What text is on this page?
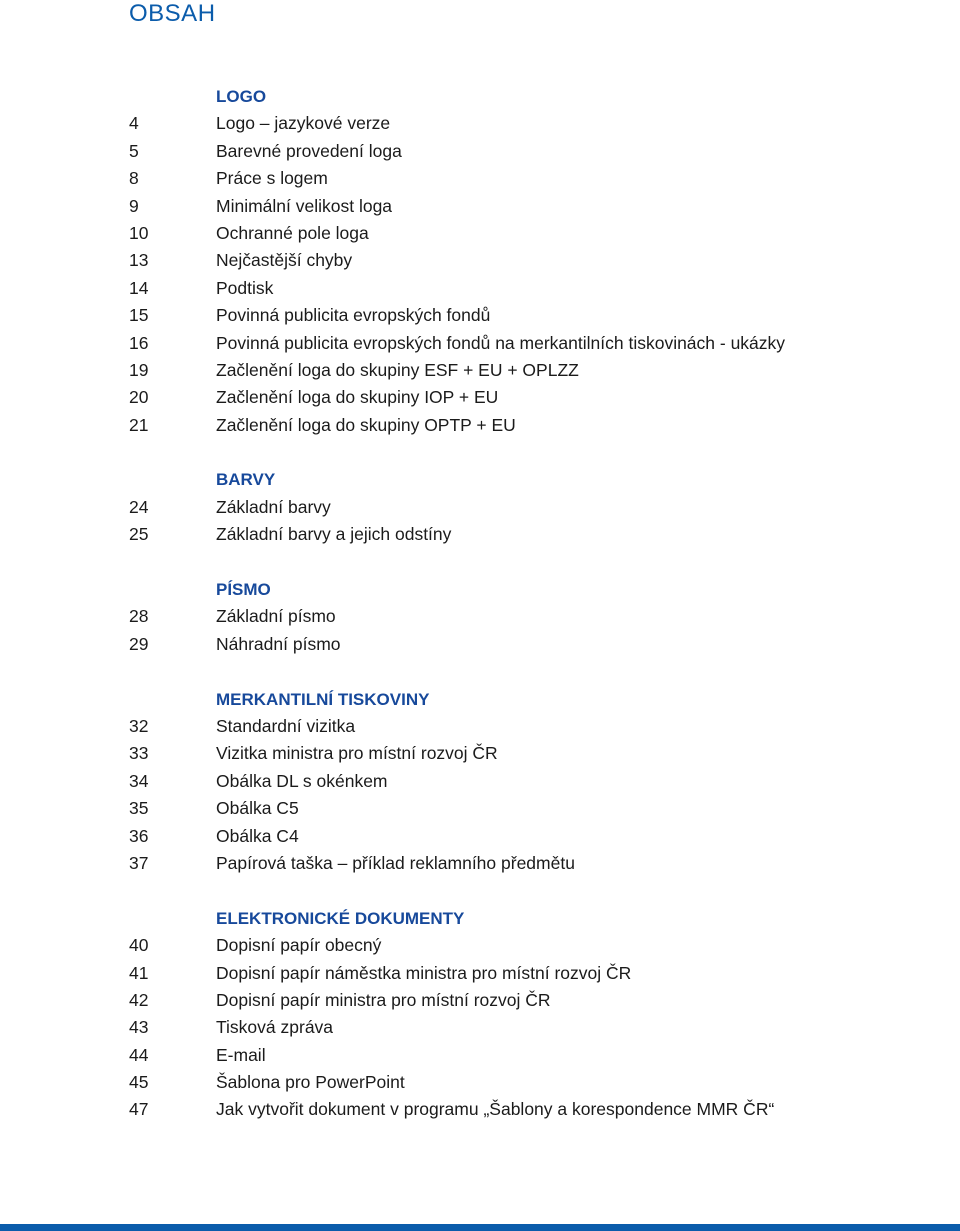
OBSAH
LOGO
4	Logo – jazykové verze
5	Barevné provedení loga
8	Práce s logem
9	Minimální velikost loga
10	Ochranné pole loga
13	Nejčastější chyby
14	Podtisk
15	Povinná publicita evropských fondů
16	Povinná publicita evropských fondů na merkantilních tiskovinách - ukázky
19	Začlenění loga do skupiny ESF + EU + OPLZZ
20	Začlenění loga do skupiny IOP + EU
21	Začlenění loga do skupiny OPTP + EU
BARVY
24	Základní barvy
25	Základní barvy a jejich odstíny
PÍSMO
28	Základní písmo
29	Náhradní písmo
MERKANTILNÍ TISKOVINY
32	Standardní vizitka
33	Vizitka ministra pro místní rozvoj ČR
34	Obálka DL s okénkem
35	Obálka C5
36	Obálka C4
37	Papírová taška – příklad reklamního předmětu
ELEKTRONICKÉ DOKUMENTY
40	Dopisní papír obecný
41	Dopisní papír náměstka ministra pro místní rozvoj ČR
42	Dopisní papír ministra pro místní rozvoj ČR
43	Tisková zpráva
44	E-mail
45	Šablona pro PowerPoint
47	Jak vytvořit dokument v programu „Šablony a korespondence MMR ČR“
